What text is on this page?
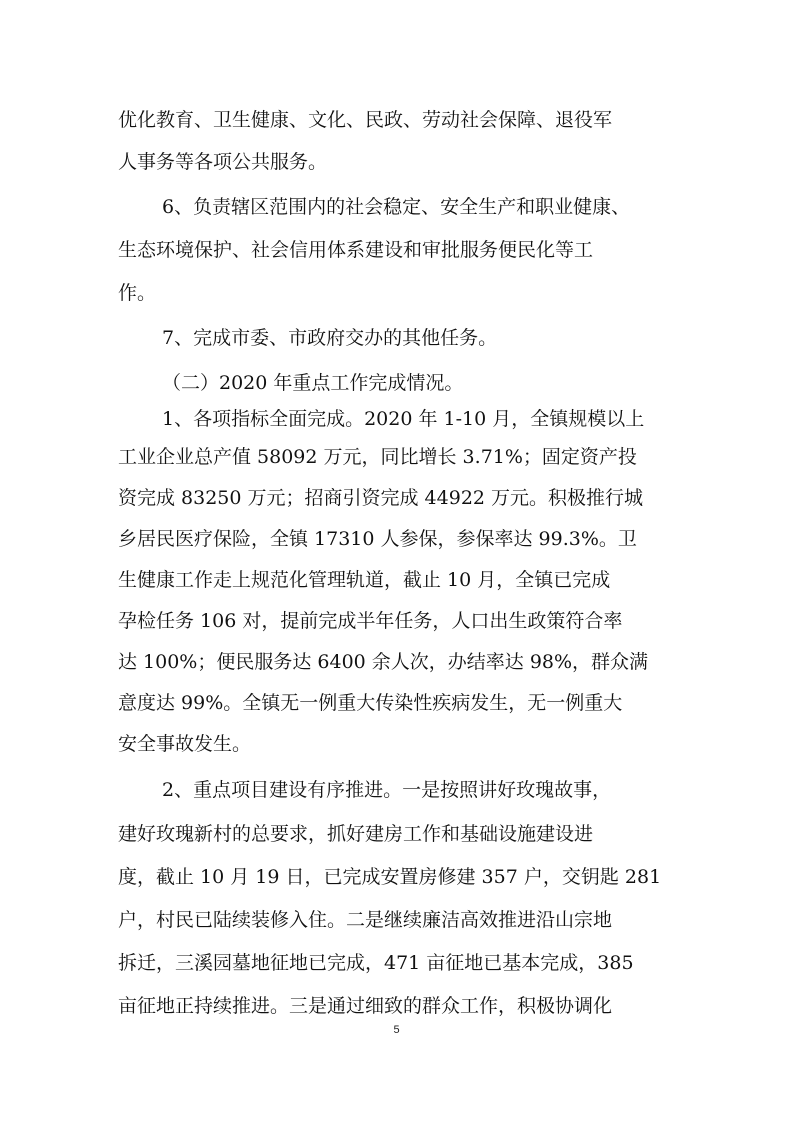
优化教育、卫生健康、文化、民政、劳动社会保障、退役军
人事务等各项公共服务。
6、负责辖区范围内的社会稳定、安全生产和职业健康、
生态环境保护、社会信用体系建设和审批服务便民化等工
作。
7、完成市委、市政府交办的其他任务。
（二）2020 年重点工作完成情况。
1、各项指标全面完成。2020 年 1-10 月，全镇规模以上
工业企业总产值 58092 万元，同比增长 3.71%；固定资产投
资完成 83250 万元；招商引资完成 44922 万元。积极推行城
乡居民医疗保险，全镇 17310 人参保，参保率达 99.3%。卫
生健康工作走上规范化管理轨道，截止 10 月，全镇已完成
孕检任务 106 对，提前完成半年任务，人口出生政策符合率
达 100%；便民服务达 6400 余人次，办结率达 98%，群众满
意度达 99%。全镇无一例重大传染性疾病发生，无一例重大
安全事故发生。
2、重点项目建设有序推进。一是按照讲好玫瑰故事，
建好玫瑰新村的总要求，抓好建房工作和基础设施建设进
度，截止 10 月 19 日，已完成安置房修建 357 户，交钥匙 281
户，村民已陆续装修入住。二是继续廉洁高效推进沿山宗地
拆迁，三溪园墓地征地已完成，471 亩征地已基本完成，385
亩征地正持续推进。三是通过细致的群众工作，积极协调化
5
